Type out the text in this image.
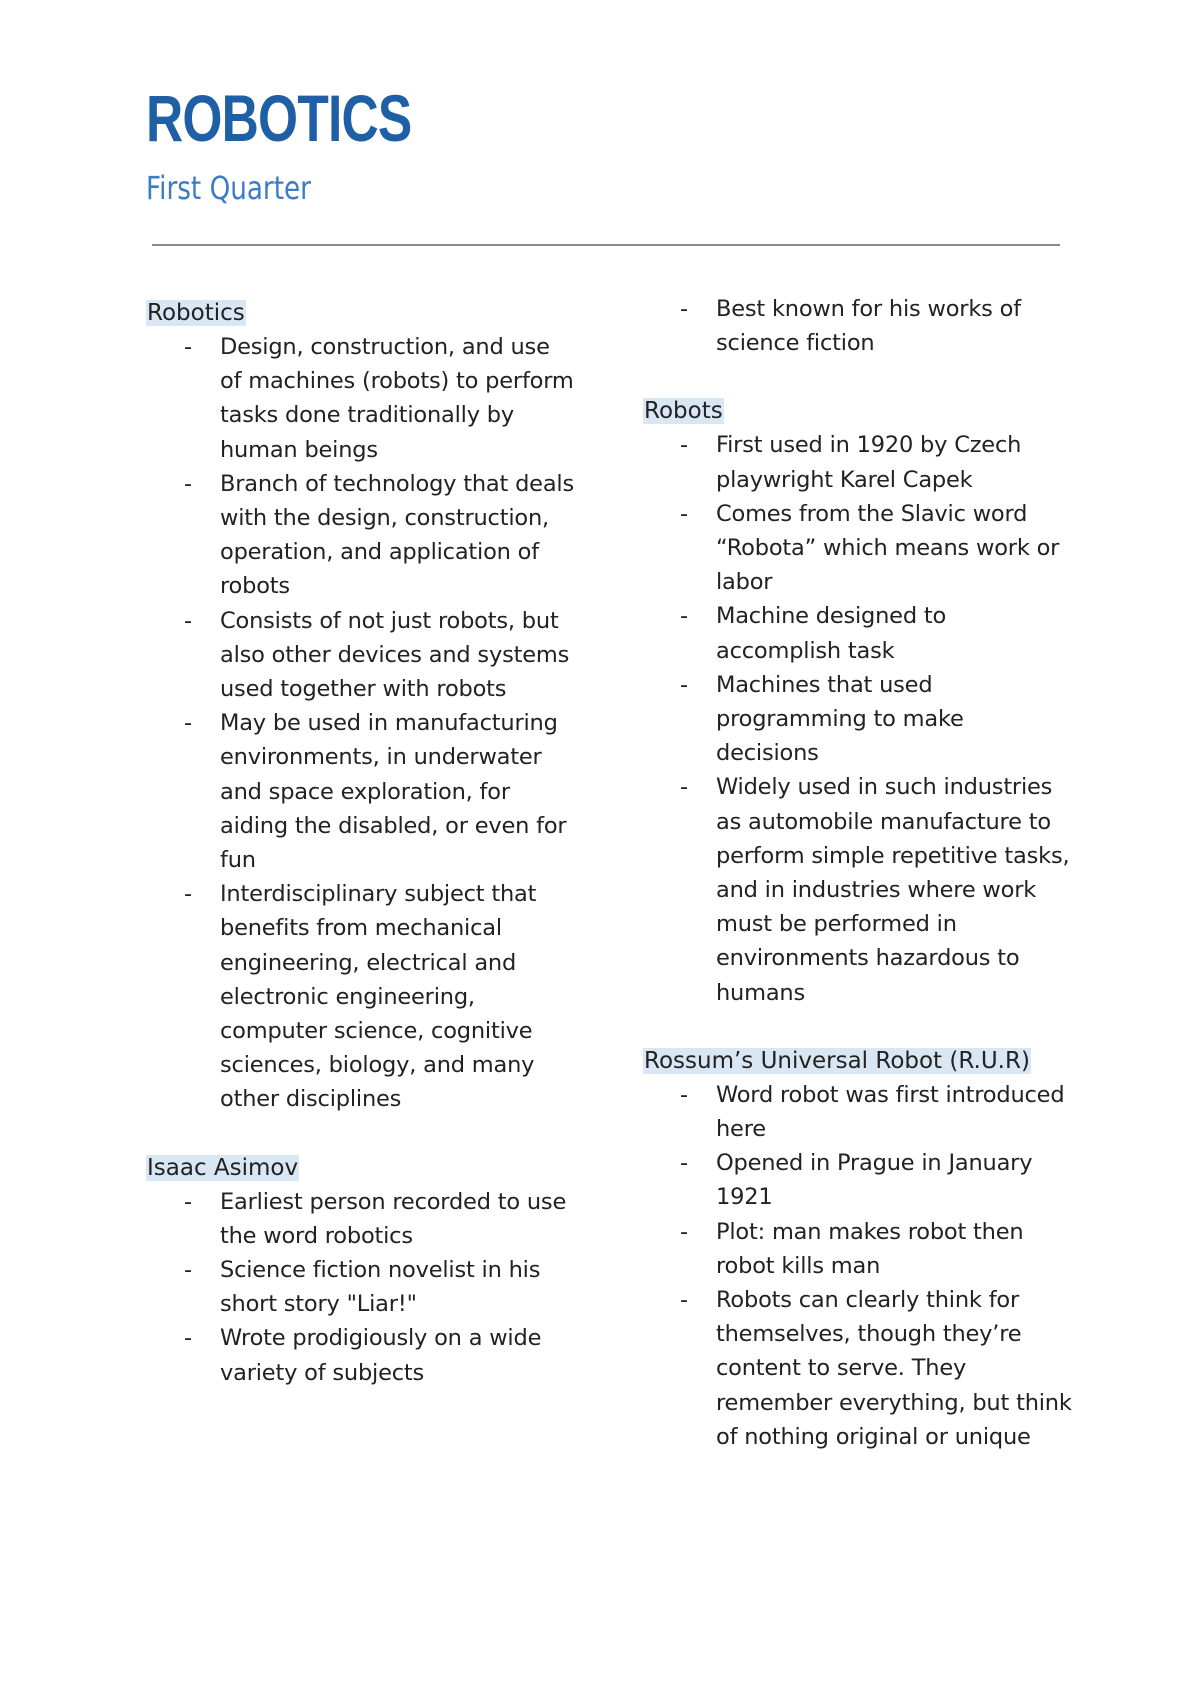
ROBOTICS
First Quarter

Robotics

- Design, construction, and use of machines (robots) to perform tasks done traditionally by human beings
- Branch of technology that deals with the design, construction, operation, and application of robots
- Consists of not just robots, but also other devices and systems used together with robots
- May be used in manufacturing environments, in underwater and space exploration, for aiding the disabled, or even for fun
- Interdisciplinary subject that benefits from mechanical engineering, electrical and electronic engineering, computer science, cognitive sciences, biology, and many other disciplines

Isaac Asimov

- Earliest person recorded to use the word robotics
- Science fiction novelist in his short story "Liar!"
- Wrote prodigiously on a wide variety of subjects
- Best known for his works of science fiction

Robots

- First used in 1920 by Czech playwright Karel Capek
- Comes from the Slavic word “Robota” which means work or labor
- Machine designed to accomplish task
- Machines that used programming to make decisions
- Widely used in such industries as automobile manufacture to perform simple repetitive tasks, and in industries where work must be performed in environments hazardous to humans

Rossum’s Universal Robot (R.U.R)

- Word robot was first introduced here
- Opened in Prague in January 1921
- Plot: man makes robot then robot kills man
- Robots can clearly think for themselves, though they’re content to serve. They remember everything, but think of nothing original or unique
